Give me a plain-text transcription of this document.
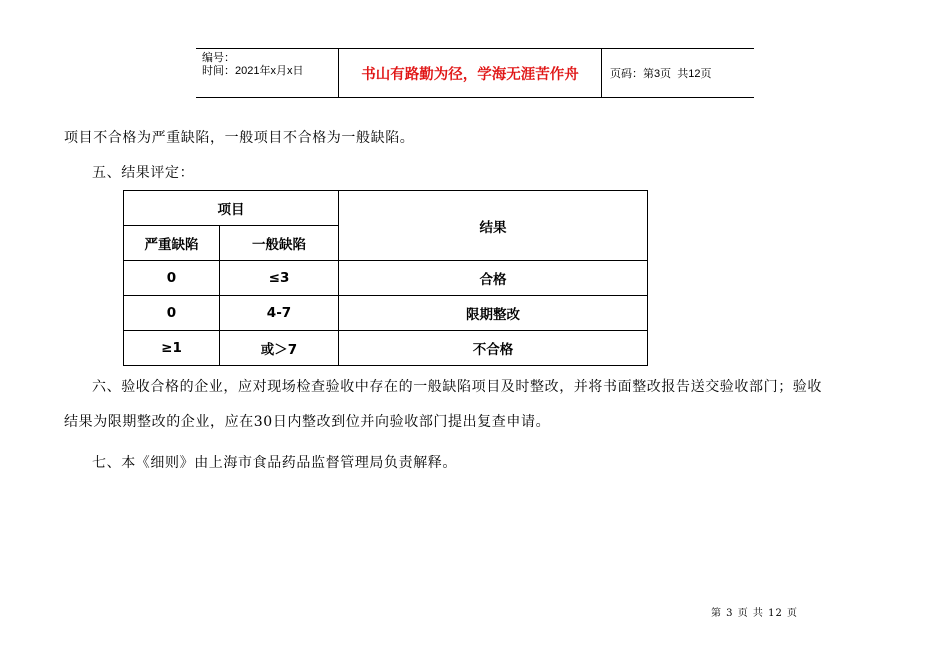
编号：
时间：2021年x月x日	书山有路勤为径，学海无涯苦作舟	页码：第3页  共12页
项目不合格为严重缺陷，一般项目不合格为一般缺陷。
五、结果评定：
项目		结果
严重缺陷	一般缺陷	
0	≤3	合格
0	4-7	限期整改
≥1	或＞7	不合格
六、验收合格的企业，应对现场检查验收中存在的一般缺陷项目及时整改，并将书面整改报告送交验收部门；验收
结果为限期整改的企业，应在30日内整改到位并向验收部门提出复查申请。
七、本《细则》由上海市食品药品监督管理局负责解释。
第 3 页 共 12 页
